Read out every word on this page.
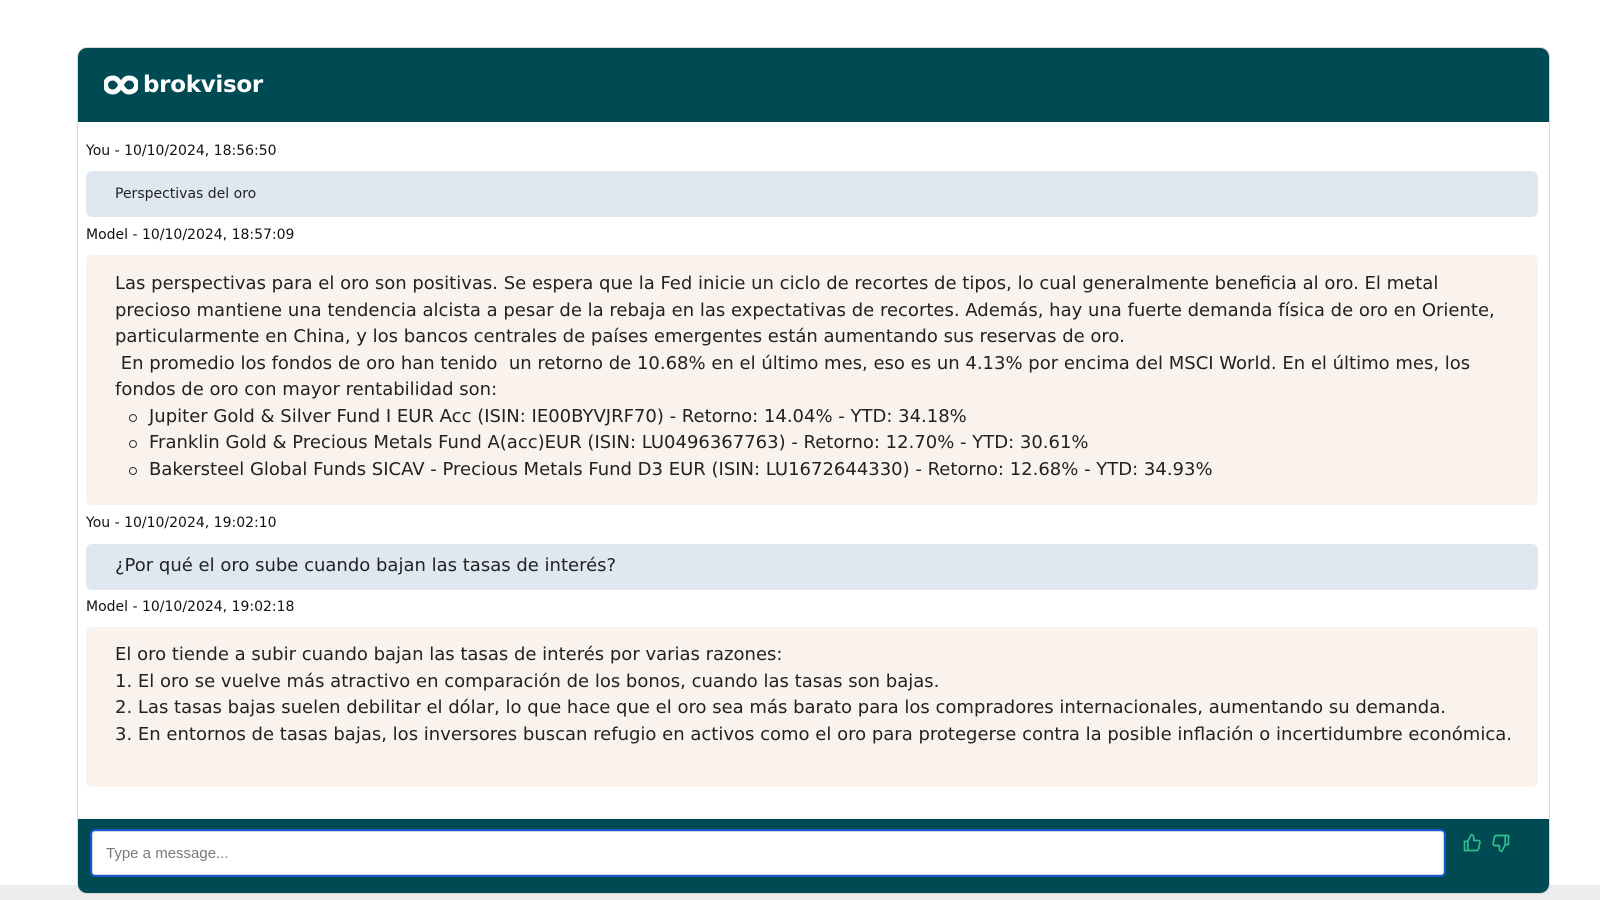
brokvisor
You - 10/10/2024, 18:56:50
Perspectivas del oro
Model - 10/10/2024, 18:57:09
Las perspectivas para el oro son positivas. Se espera que la Fed inicie un ciclo de recortes de tipos, lo cual generalmente beneficia al oro. El metal precioso mantiene una tendencia alcista a pesar de la rebaja en las expectativas de recortes. Además, hay una fuerte demanda física de oro en Oriente, particularmente en China, y los bancos centrales de países emergentes están aumentando sus reservas de oro.
En promedio los fondos de oro han tenido  un retorno de 10.68% en el último mes, eso es un 4.13% por encima del MSCI World. En el último mes, los fondos de oro con mayor rentabilidad son:
Jupiter Gold & Silver Fund I EUR Acc (ISIN: IE00BYVJRF70) - Retorno: 14.04% - YTD: 34.18%
Franklin Gold & Precious Metals Fund A(acc)EUR (ISIN: LU0496367763) - Retorno: 12.70% - YTD: 30.61%
Bakersteel Global Funds SICAV - Precious Metals Fund D3 EUR (ISIN: LU1672644330) - Retorno: 12.68% - YTD: 34.93%
You - 10/10/2024, 19:02:10
¿Por qué el oro sube cuando bajan las tasas de interés?
Model - 10/10/2024, 19:02:18
El oro tiende a subir cuando bajan las tasas de interés por varias razones:
1. El oro se vuelve más atractivo en comparación de los bonos, cuando las tasas son bajas.
2. Las tasas bajas suelen debilitar el dólar, lo que hace que el oro sea más barato para los compradores internacionales, aumentando su demanda.
3. En entornos de tasas bajas, los inversores buscan refugio en activos como el oro para protegerse contra la posible inflación o incertidumbre económica.
Type a message...
